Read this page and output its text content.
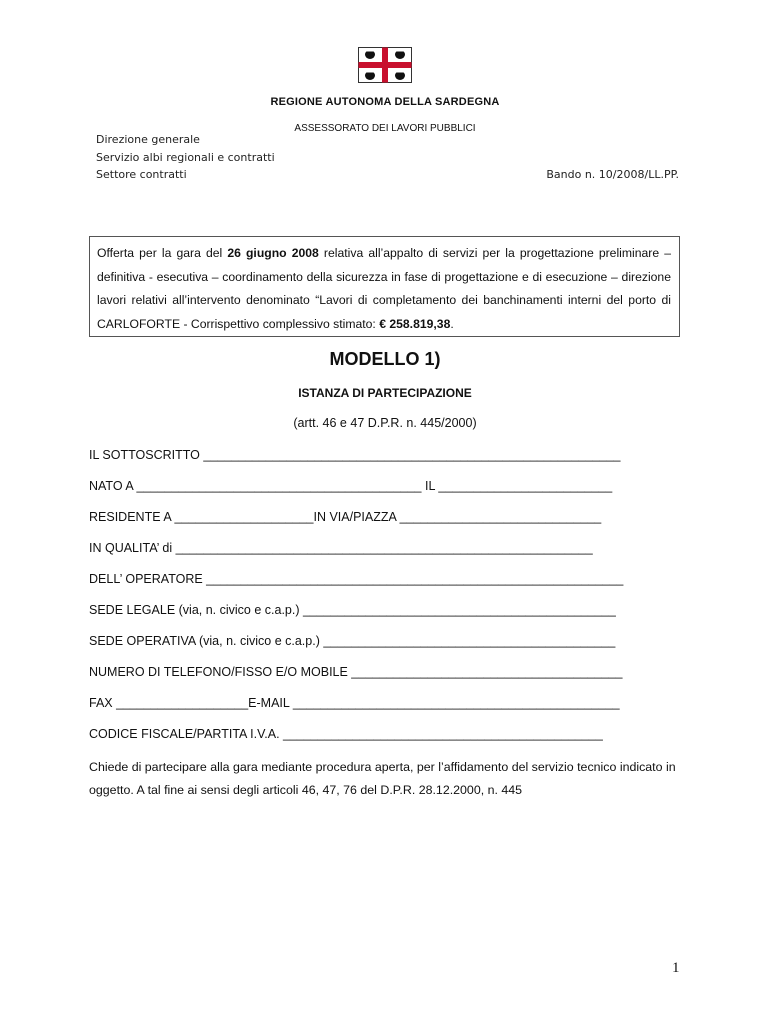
REGIONE AUTONOMA DELLA SARDEGNA
ASSESSORATO DEI LAVORI PUBBLICI
Direzione generale
Servizio albi regionali e contratti
Settore contratti	Bando n. 10/2008/LL.PP.
Offerta per la gara del 26 giugno 2008 relativa all’appalto di servizi per la progettazione preliminare – definitiva - esecutiva – coordinamento della sicurezza in fase di progettazione e di esecuzione – direzione lavori relativi all’intervento denominato “Lavori di completamento dei banchinamenti interni del porto di CARLOFORTE - Corrispettivo complessivo stimato: € 258.819,38.
MODELLO 1)
ISTANZA DI PARTECIPAZIONE
(artt. 46 e 47 D.P.R. n. 445/2000)
IL SOTTOSCRITTO ____________________________________________________________
NATO A _________________________________________ IL _________________________
RESIDENTE A ____________________IN VIA/PIAZZA _____________________________
IN QUALITA’ di ____________________________________________________________
DELL’ OPERATORE ____________________________________________________________
SEDE LEGALE (via, n. civico e c.a.p.) _____________________________________________
SEDE OPERATIVA (via, n. civico e c.a.p.) __________________________________________
NUMERO DI TELEFONO/FISSO E/O MOBILE _______________________________________
FAX ___________________E-MAIL _______________________________________________
CODICE FISCALE/PARTITA I.V.A. ______________________________________________
Chiede di partecipare alla gara mediante procedura aperta, per l’affidamento del servizio tecnico indicato in oggetto. A tal fine ai sensi degli articoli 46, 47, 76 del D.P.R. 28.12.2000, n. 445
1
